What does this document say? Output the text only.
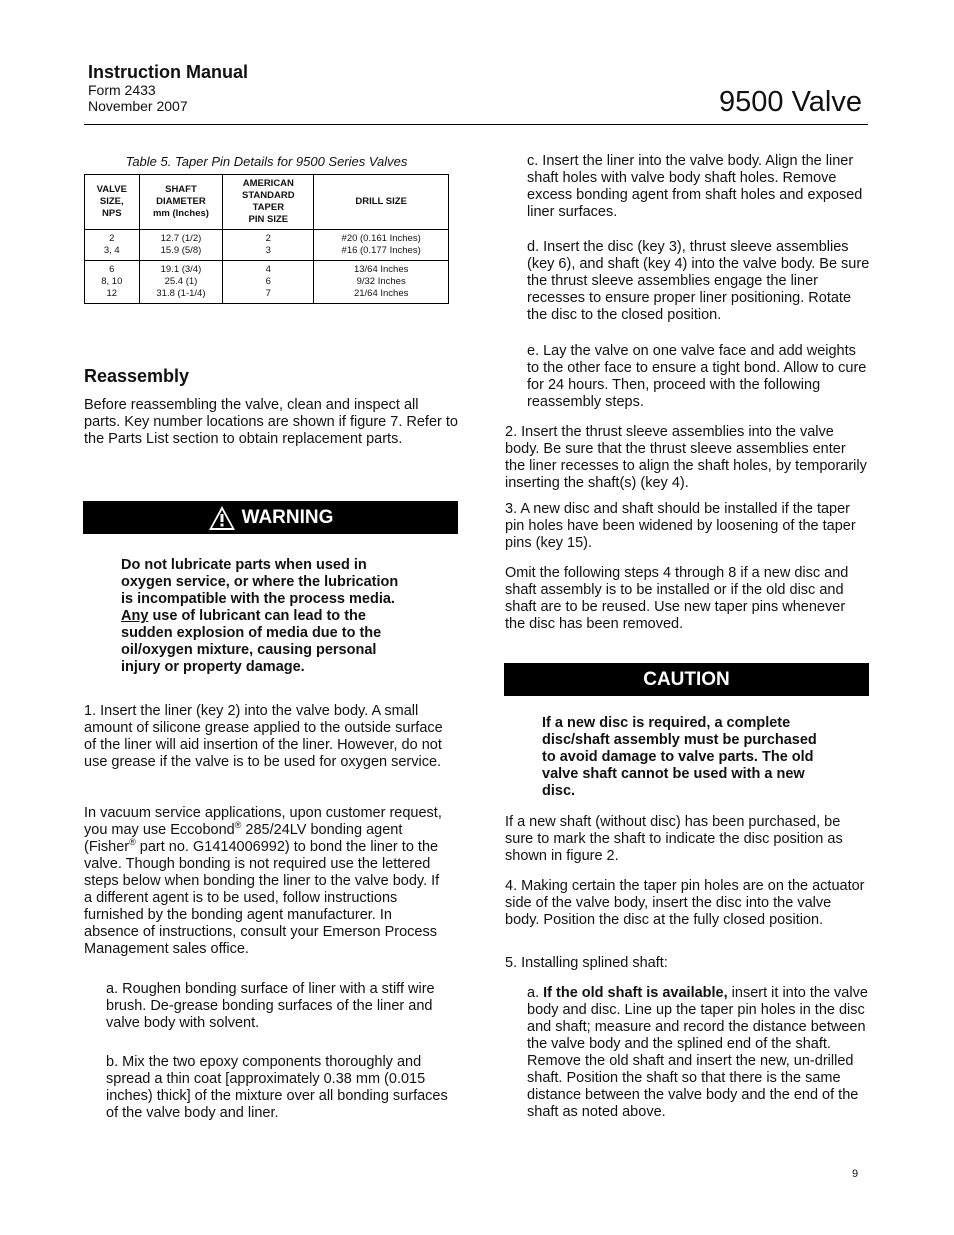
Instruction Manual
Form 2433
November 2007	9500 Valve
Table 5. Taper Pin Details for 9500 Series Valves
VALVE
SIZE,
NPS	SHAFT
DIAMETER
mm (Inches)	AMERICAN
STANDARD
TAPER
PIN SIZE	DRILL SIZE

2
3, 4	12.7 (1/2)
15.9 (5/8)	2
3	#20 (0.161 Inches)
#16 (0.177 Inches)

6
8, 10
12	19.1 (3/4)
25.4 (1)
31.8 (1-1/4)	4
6
7	13/64 Inches
9/32 Inches
21/64 Inches
Reassembly

Before reassembling the valve, clean and inspect all parts. Key number locations are shown if figure 7. Refer to the Parts List section to obtain replacement parts.

WARNING

Do not lubricate parts when used in oxygen service, or where the lubrication is incompatible with the process media. Any use of lubricant can lead to the sudden explosion of media due to the oil/oxygen mixture, causing personal injury or property damage.

1. Insert the liner (key 2) into the valve body. A small amount of silicone grease applied to the outside surface of the liner will aid insertion of the liner. However, do not use grease if the valve is to be used for oxygen service.

In vacuum service applications, upon customer request, you may use Eccobond® 285/24LV bonding agent (Fisher® part no. G1414006992) to bond the liner to the valve. Though bonding is not required use the lettered steps below when bonding the liner to the valve body. If a different agent is to be used, follow instructions furnished by the bonding agent manufacturer. In absence of instructions, consult your Emerson Process Management sales office.

a. Roughen bonding surface of liner with a stiff wire brush. De-grease bonding surfaces of the liner and valve body with solvent.

b. Mix the two epoxy components thoroughly and spread a thin coat [approximately 0.38 mm (0.015 inches) thick] of the mixture over all bonding surfaces of the valve body and liner.

c. Insert the liner into the valve body. Align the liner shaft holes with valve body shaft holes. Remove excess bonding agent from shaft holes and exposed liner surfaces.

d. Insert the disc (key 3), thrust sleeve assemblies (key 6), and shaft (key 4) into the valve body. Be sure the thrust sleeve assemblies engage the liner recesses to ensure proper liner positioning. Rotate the disc to the closed position.

e. Lay the valve on one valve face and add weights to the other face to ensure a tight bond. Allow to cure for 24 hours. Then, proceed with the following reassembly steps.

2. Insert the thrust sleeve assemblies into the valve body. Be sure that the thrust sleeve assemblies enter the liner recesses to align the shaft holes, by temporarily inserting the shaft(s) (key 4).

3. A new disc and shaft should be installed if the taper pin holes have been widened by loosening of the taper pins (key 15).

Omit the following steps 4 through 8 if a new disc and shaft assembly is to be installed or if the old disc and shaft are to be reused. Use new taper pins whenever the disc has been removed.

CAUTION

If a new disc is required, a complete disc/shaft assembly must be purchased to avoid damage to valve parts. The old valve shaft cannot be used with a new disc.

If a new shaft (without disc) has been purchased, be sure to mark the shaft to indicate the disc position as shown in figure 2.

4. Making certain the taper pin holes are on the actuator side of the valve body, insert the disc into the valve body. Position the disc at the fully closed position.

5. Installing splined shaft:

a. If the old shaft is available, insert it into the valve body and disc. Line up the taper pin holes in the disc and shaft; measure and record the distance between the valve body and the splined end of the shaft. Remove the old shaft and insert the new, un-drilled shaft. Position the shaft so that there is the same distance between the valve body and the end of the shaft as noted above.

9
